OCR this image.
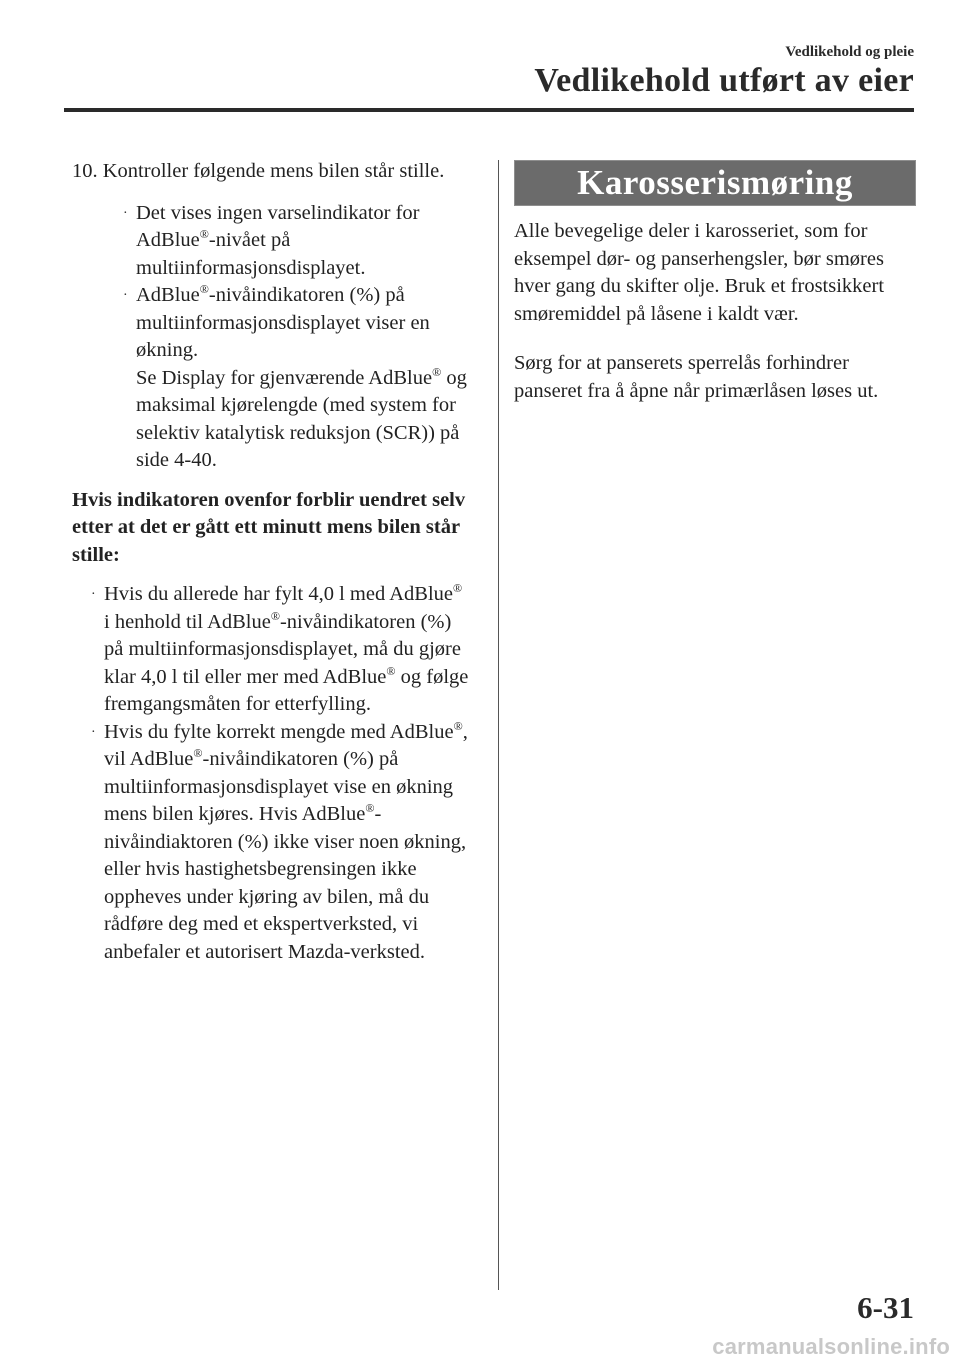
Vedlikehold og pleie
Vedlikehold utført av eier

10. Kontroller følgende mens bilen står stille.

· Det vises ingen varselindikator for AdBlue®-nivået på multiinformasjonsdisplayet.
· AdBlue®-nivåindikatoren (%) på multiinformasjonsdisplayet viser en økning.
Se Display for gjenværende AdBlue® og maksimal kjørelengde (med system for selektiv katalytisk reduksjon (SCR)) på side 4-40.

Hvis indikatoren ovenfor forblir uendret selv etter at det er gått ett minutt mens bilen står stille:

· Hvis du allerede har fylt 4,0 l med AdBlue® i henhold til AdBlue®-nivåindikatoren (%) på multiinformasjonsdisplayet, må du gjøre klar 4,0 l til eller mer med AdBlue® og følge fremgangsmåten for etterfylling.
· Hvis du fylte korrekt mengde med AdBlue®, vil AdBlue®-nivåindikatoren (%) på multiinformasjonsdisplayet vise en økning mens bilen kjøres. Hvis AdBlue®-nivåindiaktoren (%) ikke viser noen økning, eller hvis hastighetsbegrensingen ikke oppheves under kjøring av bilen, må du rådføre deg med et ekspertverksted, vi anbefaler et autorisert Mazda-verksted.
Karosserismøring

Alle bevegelige deler i karosseriet, som for eksempel dør- og panserhengsler, bør smøres hver gang du skifter olje. Bruk et frostsikkert smøremiddel på låsene i kaldt vær.

Sørg for at panserets sperrelås forhindrer panseret fra å åpne når primærlåsen løses ut.

6-31
carmanualsonline.info
